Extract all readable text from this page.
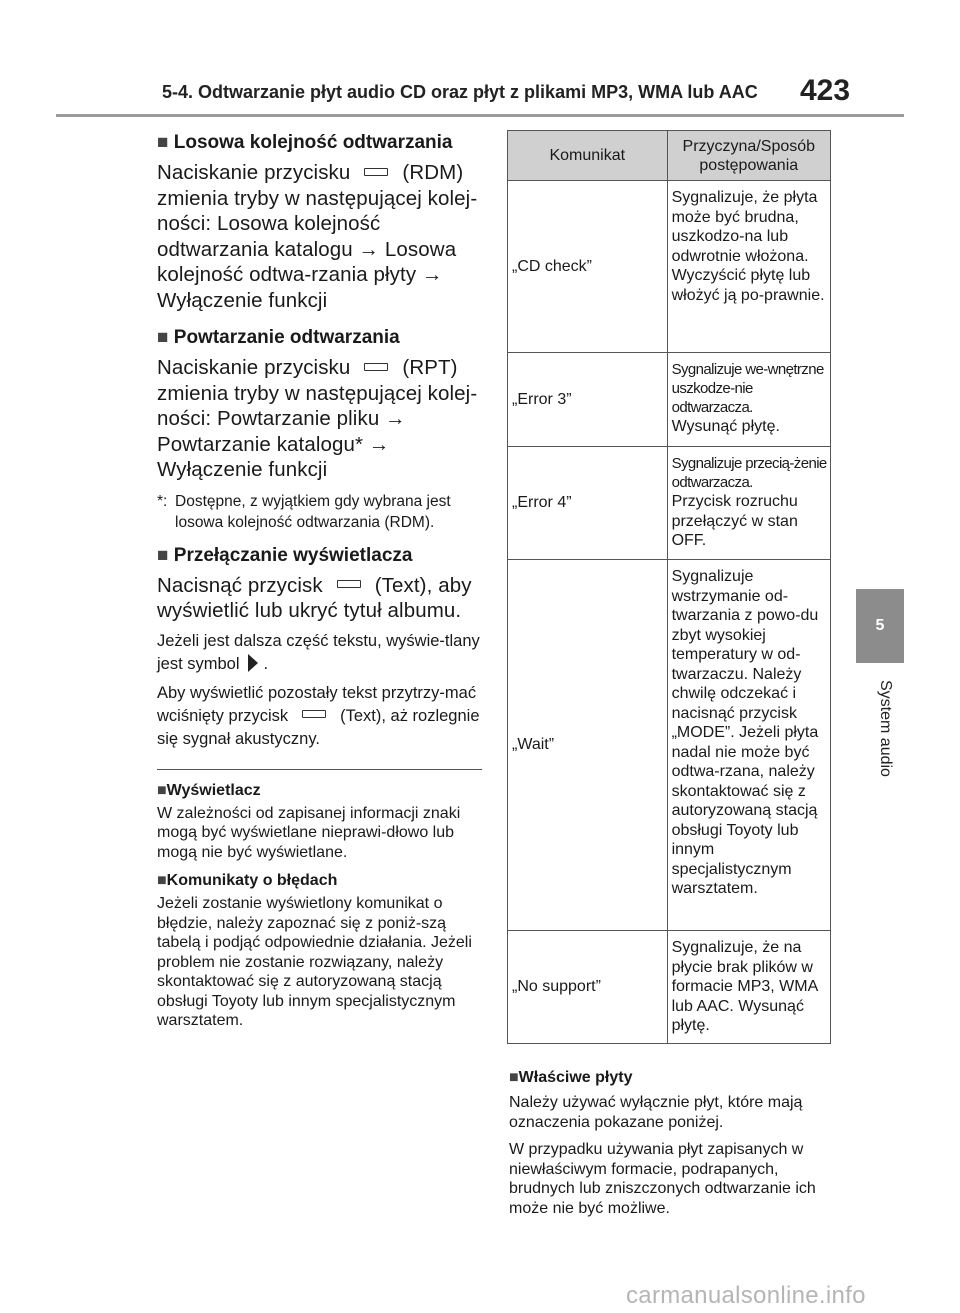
5-4. Odtwarzanie płyt audio CD oraz płyt z plikami MP3, WMA lub AAC 423
5
System audio
■ Losowa kolejność odtwarzania
Naciskanie przycisku	(RDM) zmienia tryby w następującej kolej-ności: Losowa kolejność odtwarzania katalogu → Losowa kolejność odtwa-rzania płyty → Wyłączenie funkcji
■ Powtarzanie odtwarzania
Naciskanie przycisku	(RPT) zmienia tryby w następującej kolej-ności: Powtarzanie pliku → Powtarzanie katalogu* → Wyłączenie funkcji
*: Dostępne, z wyjątkiem gdy wybrana jest losowa kolejność odtwarzania (RDM).
■ Przełączanie wyświetlacza
Nacisnąć przycisk	(Text), aby wyświetlić lub ukryć tytuł albumu.
Jeżeli jest dalsza część tekstu, wyświe-tlany jest symbol .
Aby wyświetlić pozostały tekst przytrzy-mać wciśnięty przycisk	(Text), aż rozlegnie się sygnał akustyczny.
■Wyświetlacz
W zależności od zapisanej informacji znaki mogą być wyświetlane nieprawi-dłowo lub mogą nie być wyświetlane.
■Komunikaty o błędach
Jeżeli zostanie wyświetlony komunikat o błędzie, należy zapoznać się z poniż-szą tabelą i podjąć odpowiednie działania. Jeżeli problem nie zostanie rozwiązany, należy skontaktować się z autoryzowaną stacją obsługi Toyoty lub innym specjalistycznym warsztatem.
Komunikat	Przyczyna/Sposób postępowania
„CD check”	Sygnalizuje, że płyta może być brudna, uszkodzo-na lub odwrotnie włożona. Wyczyścić płytę lub włożyć ją po-prawnie.
„Error 3”	Sygnalizuje we-wnętrzne uszkodze-nie odtwarzacza.
Wysunąć płytę.

„Error 4”	Sygnalizuje przecią-żenie odtwarzacza.
Przycisk rozruchu przełączyć w stan OFF.

„Wait”	Sygnalizuje wstrzymanie od-twarzania z powo-du zbyt wysokiej temperatury w od-twarzaczu. Należy chwilę odczekać i nacisnąć przycisk „MODE”. Jeżeli płyta nadal nie może być odtwa-rzana, należy skontaktować się z autoryzowaną stacją obsługi Toyoty lub innym specjalistycznym warsztatem.
„No support”	Sygnalizuje, że na płycie brak plików w formacie MP3, WMA lub AAC. Wysunąć płytę.
■Właściwe płyty
Należy używać wyłącznie płyt, które mają oznaczenia pokazane poniżej.
W przypadku używania płyt zapisanych w niewłaściwym formacie, podrapanych, brudnych lub zniszczonych odtwarzanie ich może nie być możliwe.
carmanualsonline.info
